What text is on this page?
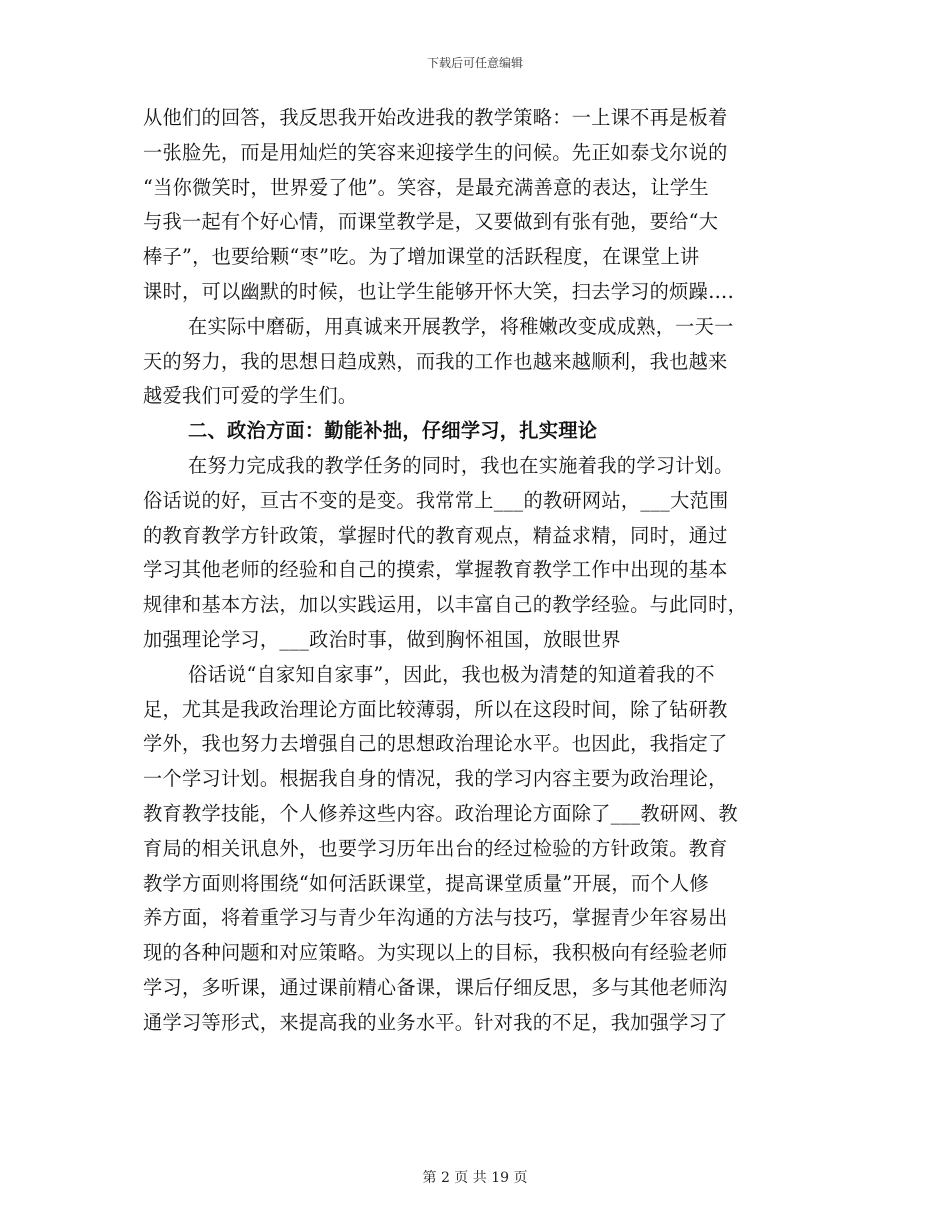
下载后可任意编辑
从他们的回答，我反思我开始改进我的教学策略：一上课不再是板着
一张脸先，而是用灿烂的笑容来迎接学生的问候。先正如泰戈尔说的
“当你微笑时，世界爱了他”。笑容，是最充满善意的表达，让学生
与我一起有个好心情，而课堂教学是，又要做到有张有弛，要给“大
棒子”，也要给颗“枣”吃。为了增加课堂的活跃程度，在课堂上讲
课时，可以幽默的时候，也让学生能够开怀大笑，扫去学习的烦躁….
在实际中磨砺，用真诚来开展教学，将稚嫩改变成成熟，一天一
天的努力，我的思想日趋成熟，而我的工作也越来越顺利，我也越来
越爱我们可爱的学生们。
二、政治方面：勤能补拙，仔细学习，扎实理论
在努力完成我的教学任务的同时，我也在实施着我的学习计划。
俗话说的好，亘古不变的是变。我常常上___的教研网站，___大范围
的教育教学方针政策，掌握时代的教育观点，精益求精，同时，通过
学习其他老师的经验和自己的摸索，掌握教育教学工作中出现的基本
规律和基本方法，加以实践运用，以丰富自己的教学经验。与此同时，
加强理论学习，___政治时事，做到胸怀祖国，放眼世界
俗话说“自家知自家事”，因此，我也极为清楚的知道着我的不
足，尤其是我政治理论方面比较薄弱，所以在这段时间，除了钻研教
学外，我也努力去增强自己的思想政治理论水平。也因此，我指定了
一个学习计划。根据我自身的情况，我的学习内容主要为政治理论，
教育教学技能，个人修养这些内容。政治理论方面除了___教研网、教
育局的相关讯息外，也要学习历年出台的经过检验的方针政策。教育
教学方面则将围绕“如何活跃课堂，提高课堂质量”开展，而个人修
养方面，将着重学习与青少年沟通的方法与技巧，掌握青少年容易出
现的各种问题和对应策略。为实现以上的目标，我积极向有经验老师
学习，多听课，通过课前精心备课，课后仔细反思，多与其他老师沟
通学习等形式，来提高我的业务水平。针对我的不足，我加强学习了
第 2 页 共 19 页
